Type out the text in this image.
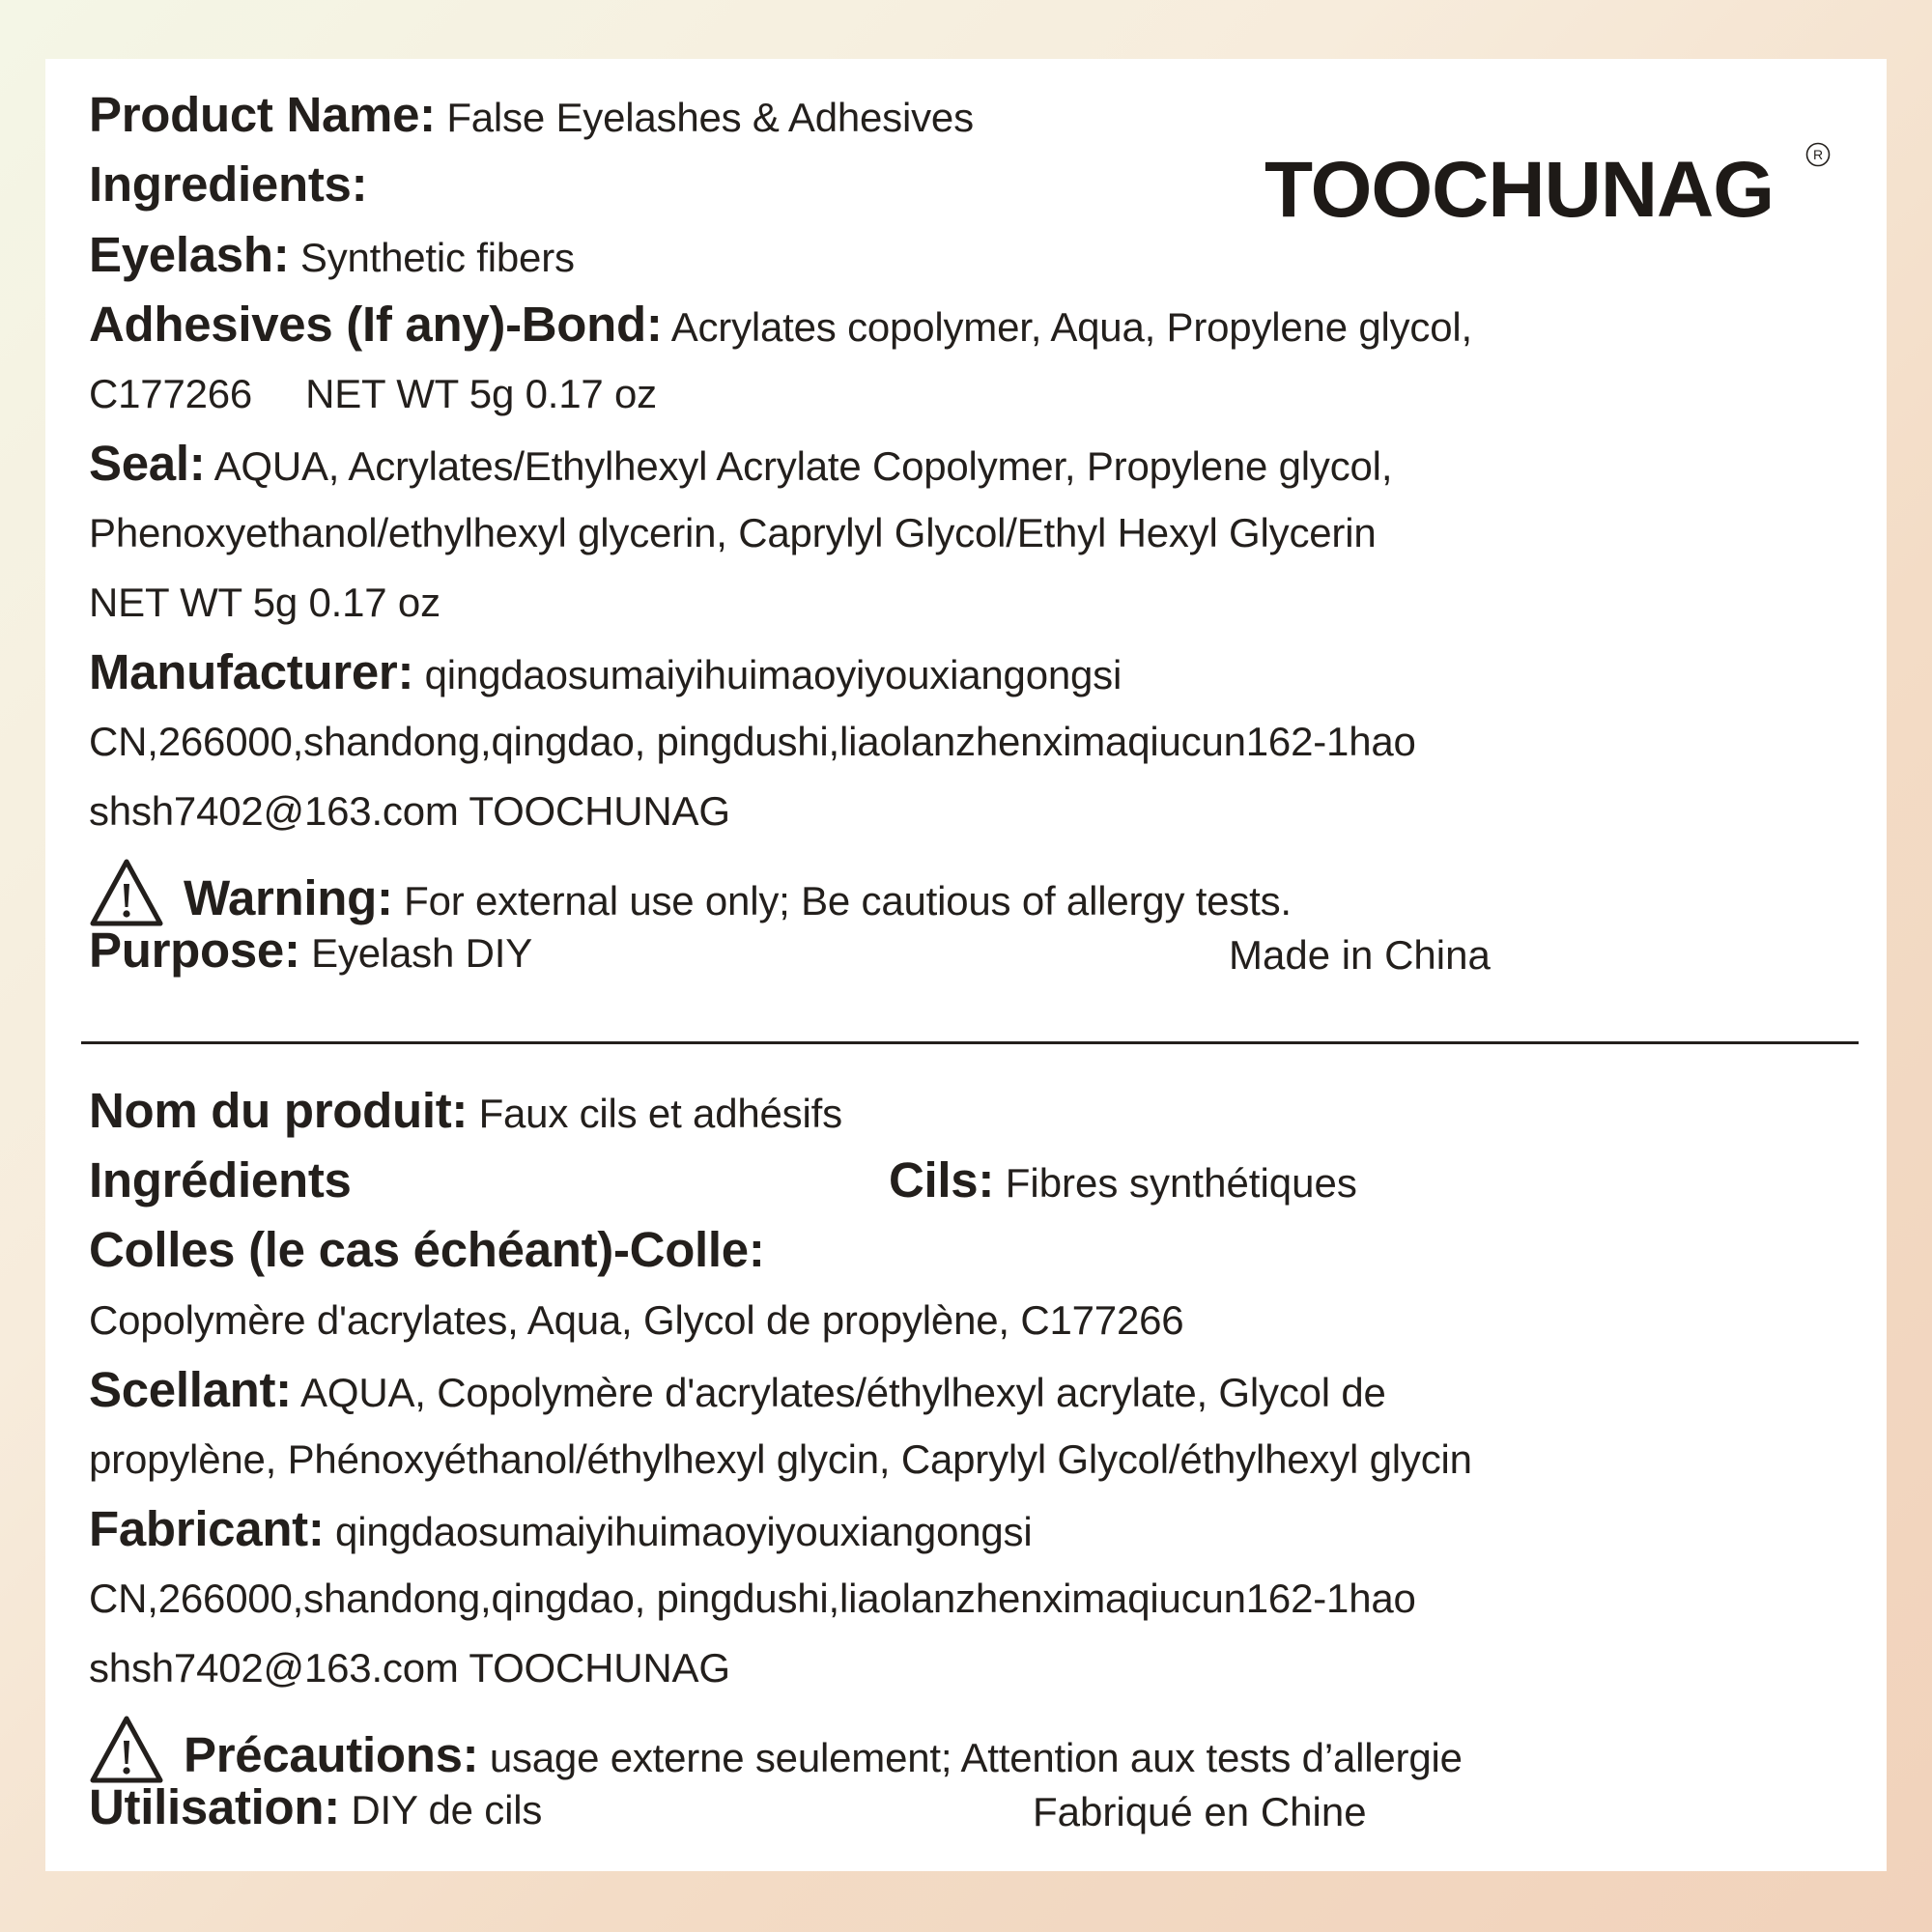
TOOCHUNAG	R
Product Name: False Eyelashes & Adhesives
Ingredients:
Eyelash: Synthetic fibers
Adhesives (If any)-Bond: Acrylates copolymer, Aqua, Propylene glycol,
C177266 NET WT 5g 0.17 oz
Seal: AQUA, Acrylates/Ethylhexyl Acrylate Copolymer, Propylene glycol,
Phenoxyethanol/ethylhexyl glycerin, Caprylyl Glycol/Ethyl Hexyl Glycerin
NET WT 5g 0.17 oz
Manufacturer: qingdaosumaiyihuimaoyiyouxiangongsi
CN,266000,shandong,qingdao, pingdushi,liaolanzhenximaqiucun162-1hao
shsh7402@163.com TOOCHUNAG
Warning: For external use only; Be cautious of allergy tests.
Purpose: Eyelash DIY	Made in China
Nom du produit: Faux cils et adhésifs
Ingrédients	Cils: Fibres synthétiques
Colles (le cas échéant)-Colle:
Copolymère d'acrylates, Aqua, Glycol de propylène, C177266
Scellant: AQUA, Copolymère d'acrylates/éthylhexyl acrylate, Glycol de
propylène, Phénoxyéthanol/éthylhexyl glycin, Caprylyl Glycol/éthylhexyl glycin
Fabricant: qingdaosumaiyihuimaoyiyouxiangongsi
CN,266000,shandong,qingdao, pingdushi,liaolanzhenximaqiucun162-1hao
shsh7402@163.com TOOCHUNAG
Précautions: usage externe seulement; Attention aux tests d’allergie
Utilisation: DIY de cils	Fabriqué en Chine
